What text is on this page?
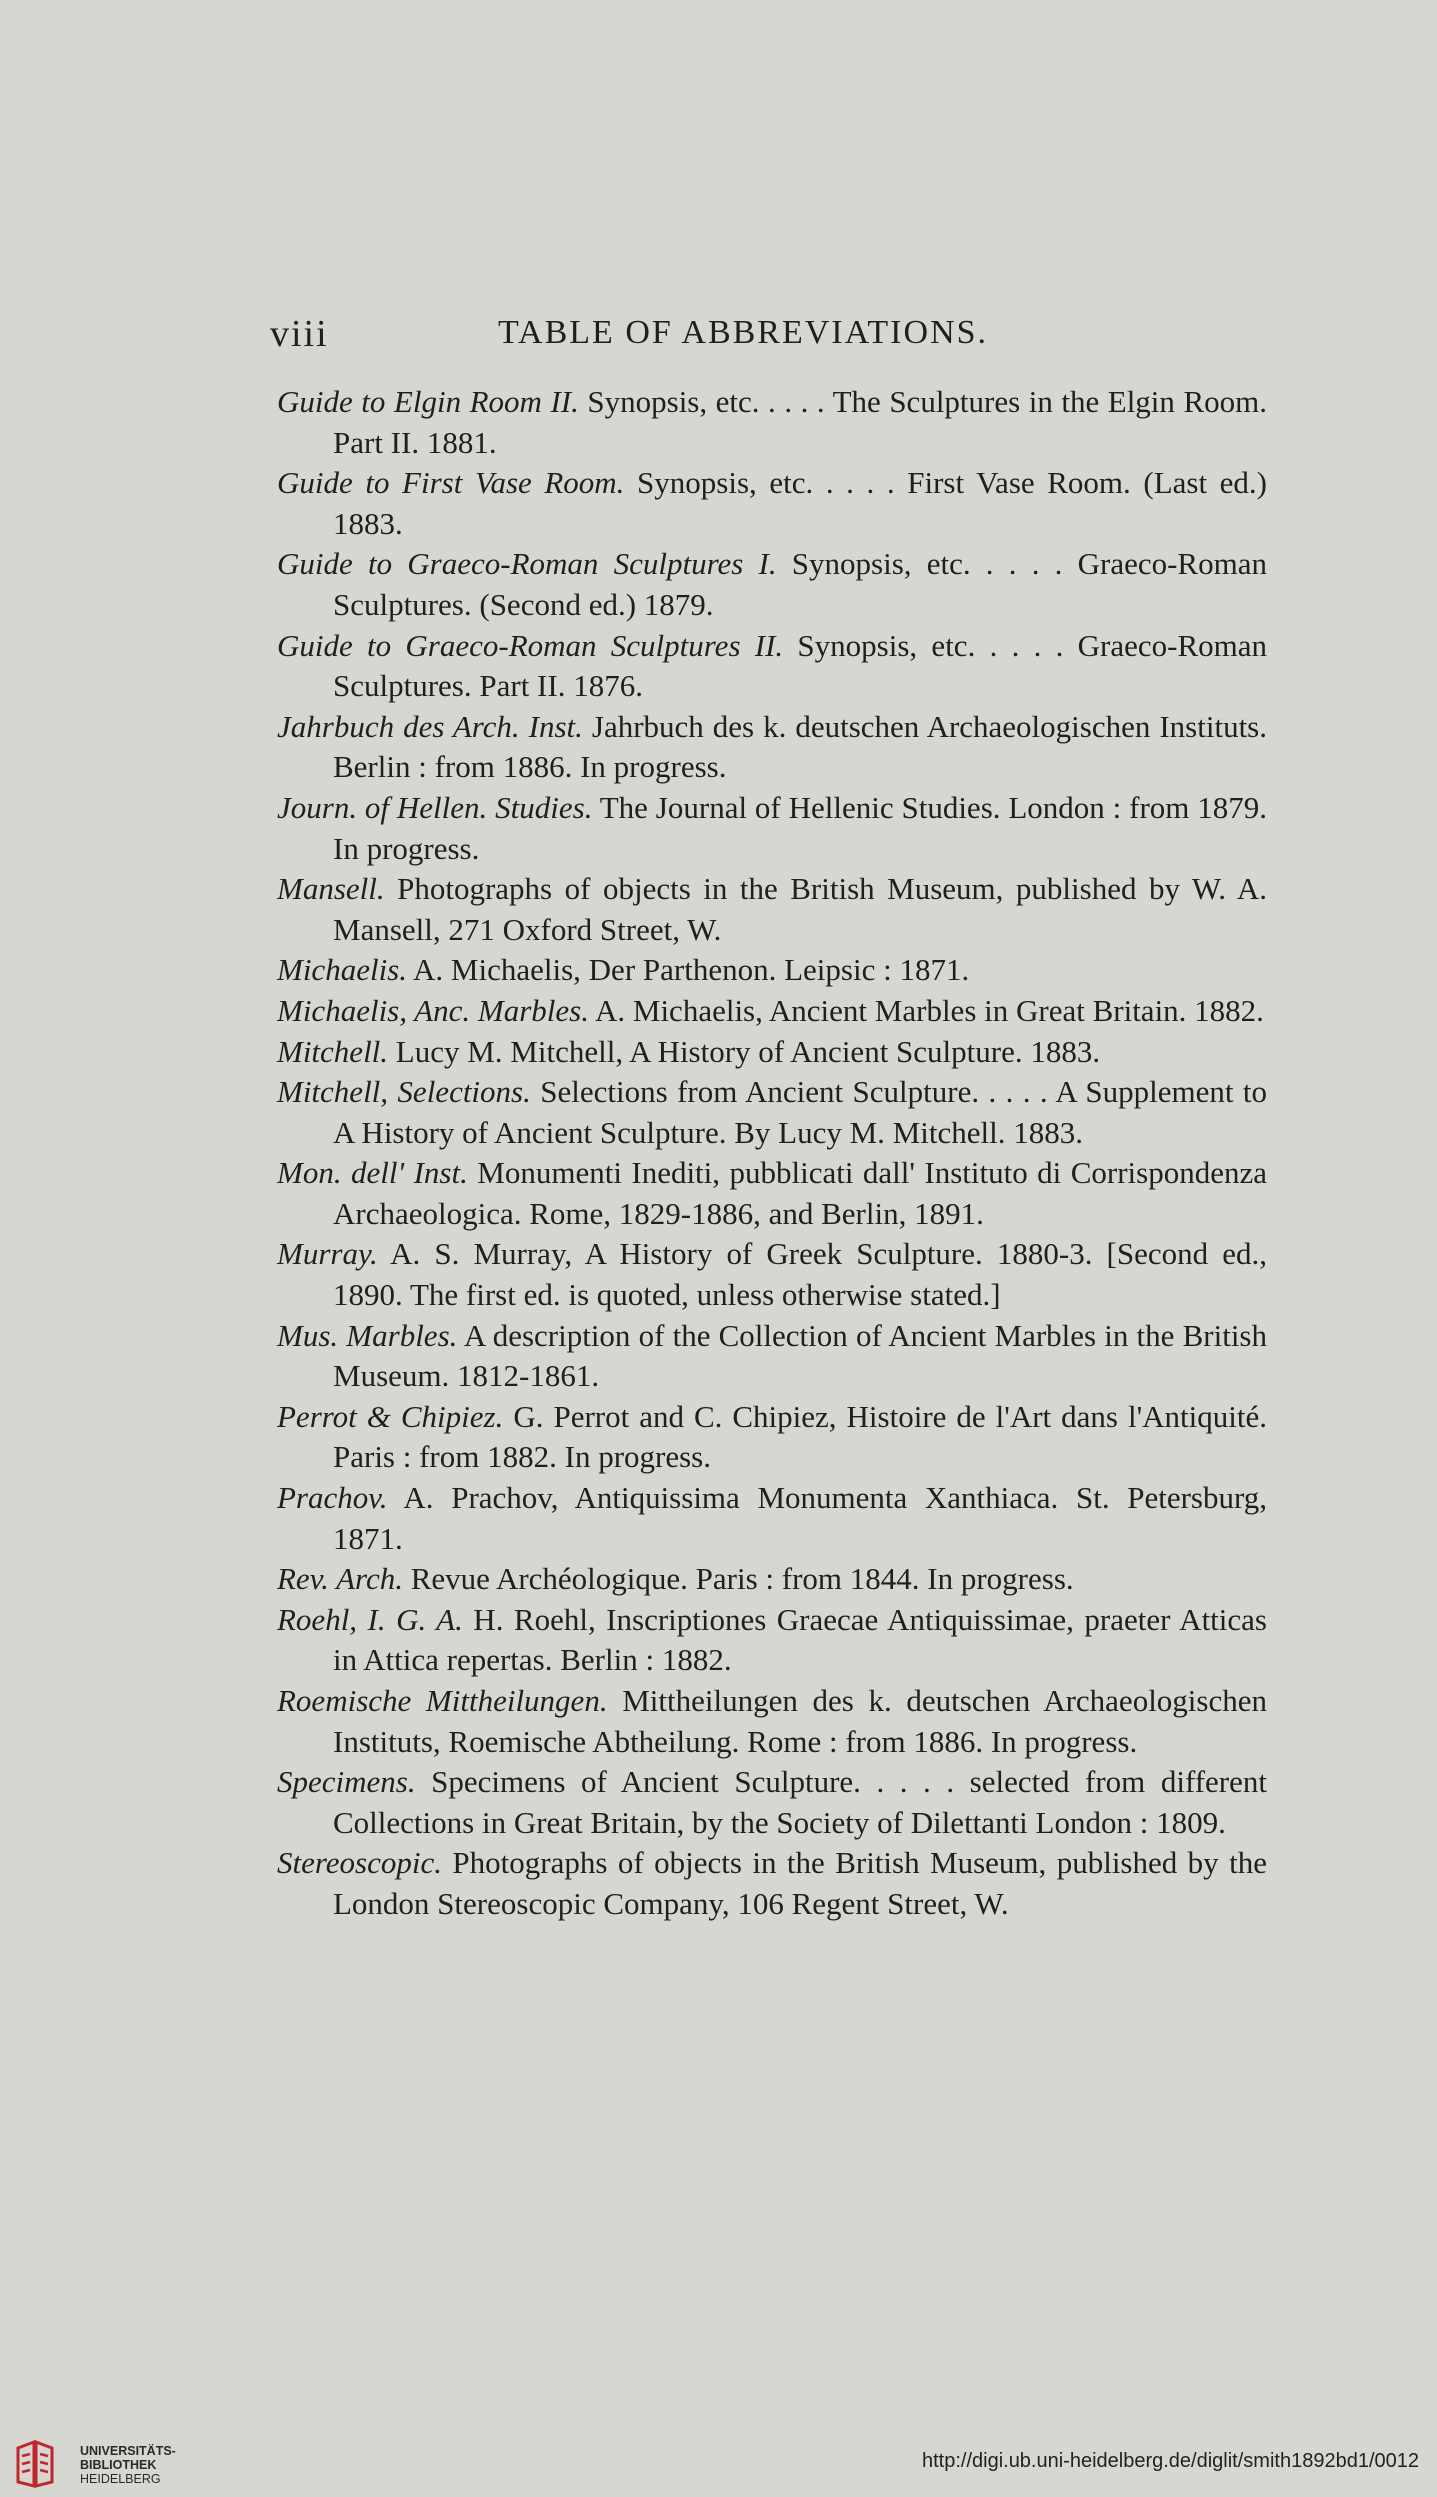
viii	TABLE OF ABBREVIATIONS.

Guide to Elgin Room II. Synopsis, etc. . . . . The Sculptures in the Elgin Room. Part II. 1881.

Guide to First Vase Room. Synopsis, etc. . . . . First Vase Room. (Last ed.) 1883.

Guide to Graeco-Roman Sculptures I. Synopsis, etc. . . . . Graeco-Roman Sculptures. (Second ed.) 1879.

Guide to Graeco-Roman Sculptures II. Synopsis, etc. . . . . Graeco-Roman Sculptures. Part II. 1876.

Jahrbuch des Arch. Inst. Jahrbuch des k. deutschen Archaeologischen Instituts. Berlin : from 1886. In progress.

Journ. of Hellen. Studies. The Journal of Hellenic Studies. London : from 1879. In progress.

Mansell. Photographs of objects in the British Museum, published by W. A. Mansell, 271 Oxford Street, W.

Michaelis. A. Michaelis, Der Parthenon. Leipsic : 1871.

Michaelis, Anc. Marbles. A. Michaelis, Ancient Marbles in Great Britain. 1882.

Mitchell. Lucy M. Mitchell, A History of Ancient Sculpture. 1883.

Mitchell, Selections. Selections from Ancient Sculpture. . . . . A Supplement to A History of Ancient Sculpture. By Lucy M. Mitchell. 1883.

Mon. dell' Inst. Monumenti Inediti, pubblicati dall' Instituto di Corrispondenza Archaeologica. Rome, 1829-1886, and Berlin, 1891.

Murray. A. S. Murray, A History of Greek Sculpture. 1880-3. [Second ed., 1890. The first ed. is quoted, unless otherwise stated.]

Mus. Marbles. A description of the Collection of Ancient Marbles in the British Museum. 1812-1861.

Perrot & Chipiez. G. Perrot and C. Chipiez, Histoire de l'Art dans l'Antiquité. Paris : from 1882. In progress.

Prachov. A. Prachov, Antiquissima Monumenta Xanthiaca. St. Petersburg, 1871.

Rev. Arch. Revue Archéologique. Paris : from 1844. In progress.

Roehl, I. G. A. H. Roehl, Inscriptiones Graecae Antiquissimae, praeter Atticas in Attica repertas. Berlin : 1882.

Roemische Mittheilungen. Mittheilungen des k. deutschen Archaeologischen Instituts, Roemische Abtheilung. Rome : from 1886. In progress.

Specimens. Specimens of Ancient Sculpture. . . . . selected from different Collections in Great Britain, by the Society of Dilettanti London : 1809.

Stereoscopic. Photographs of objects in the British Museum, published by the London Stereoscopic Company, 106 Regent Street, W.

UNIVERSITÄTS-
BIBLIOTHEK
HEIDELBERG
http://digi.ub.uni-heidelberg.de/diglit/smith1892bd1/0012
